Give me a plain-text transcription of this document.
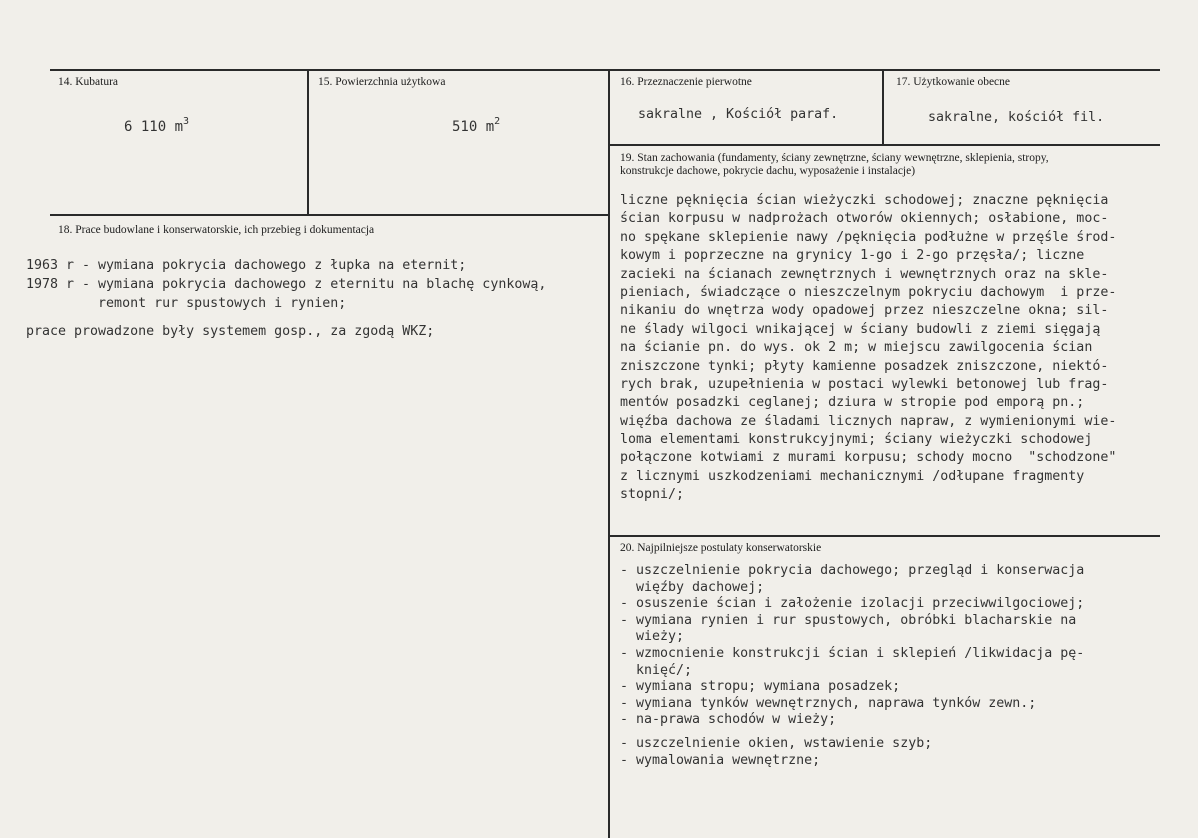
14. Kubatura
6 110 $m^3$
15. Powierzchnia użytkowa
510 $m^2$
16. Przeznaczenie pierwotne
sakralne , Kościół paraf.
17. Użytkowanie obecne
sakralne, kościół fil.
19. Stan zachowania (fundamenty, ściany zewnętrzne, ściany wewnętrzne, sklepienia, stropy,
konstrukcje dachowe, pokrycie dachu, wyposażenie i instalacje)
liczne pęknięcia ścian wieżyczki schodowej; znaczne pęknięcia
ścian korpusu w nadprożach otworów okiennych; osłabione, moc-
no spękane sklepienie nawy /pęknięcia podłużne w przęśle środ-
kowym i poprzeczne na grynicy 1-go i 2-go przęsła/; liczne
zacieki na ścianach zewnętrznych i wewnętrznych oraz na sklе-
pieniach, świadczące o nieszczelnym pokryciu dachowym  i prze-
nikaniu do wnętrza wody opadowej przez nieszczelne okna; sil-
ne ślady wilgoci wnikającej w ściany budowli z ziemi sięgają
na ścianie pn. do wys. ok 2 m; w miejscu zawilgocenia ścian
zniszczone tynki; płyty kamienne posadzek zniszczone, niektó-
rych brak, uzupełnienia w postaci wylewki betonowej lub frag-
mentów posadzki ceglanej; dziura w stropie pod emporą pn.;
więźba dachowa ze śladami licznych napraw, z wymienionymi wie-
loma elementami konstrukcyjnymi; ściany wieżyczki schodowej
połączone kotwiami z murami korpusu; schody mocno  "schodzone"
z licznymi uszkodzeniami mechanicznymi /odłupane fragmenty
stopni/;
18. Prace budowlane i konserwatorskie, ich przebieg i dokumentacja
1963 r - wymiana pokrycia dachowego z łupka na eternit;
1978 r - wymiana pokrycia dachowego z eternitu na blachę cynkową,
remont rur spustowych i rynien;
prace prowadzone były systemem gosp., za zgodą WKZ;
20. Najpilniejsze postulaty konserwatorskie
- uszczelnienie pokrycia dachowego; przegląd i konserwacja
więźby dachowej;
- osuszenie ścian i założenie izolacji przeciwwilgociowej;
- wymiana rynien i rur spustowych, obróbki blacharskie na
wieży;
- wzmocnienie konstrukcji ścian i sklepień /likwidacja pę-
knięć/;
- wymiana stropu; wymiana posadzek;
- wymiana tynków wewnętrznych, naprawa tynków zewn.;
- na-prawa schodów w wieży;
- uszczelnienie okien, wstawienie szyb;
- wymalowania wewnętrzne;
